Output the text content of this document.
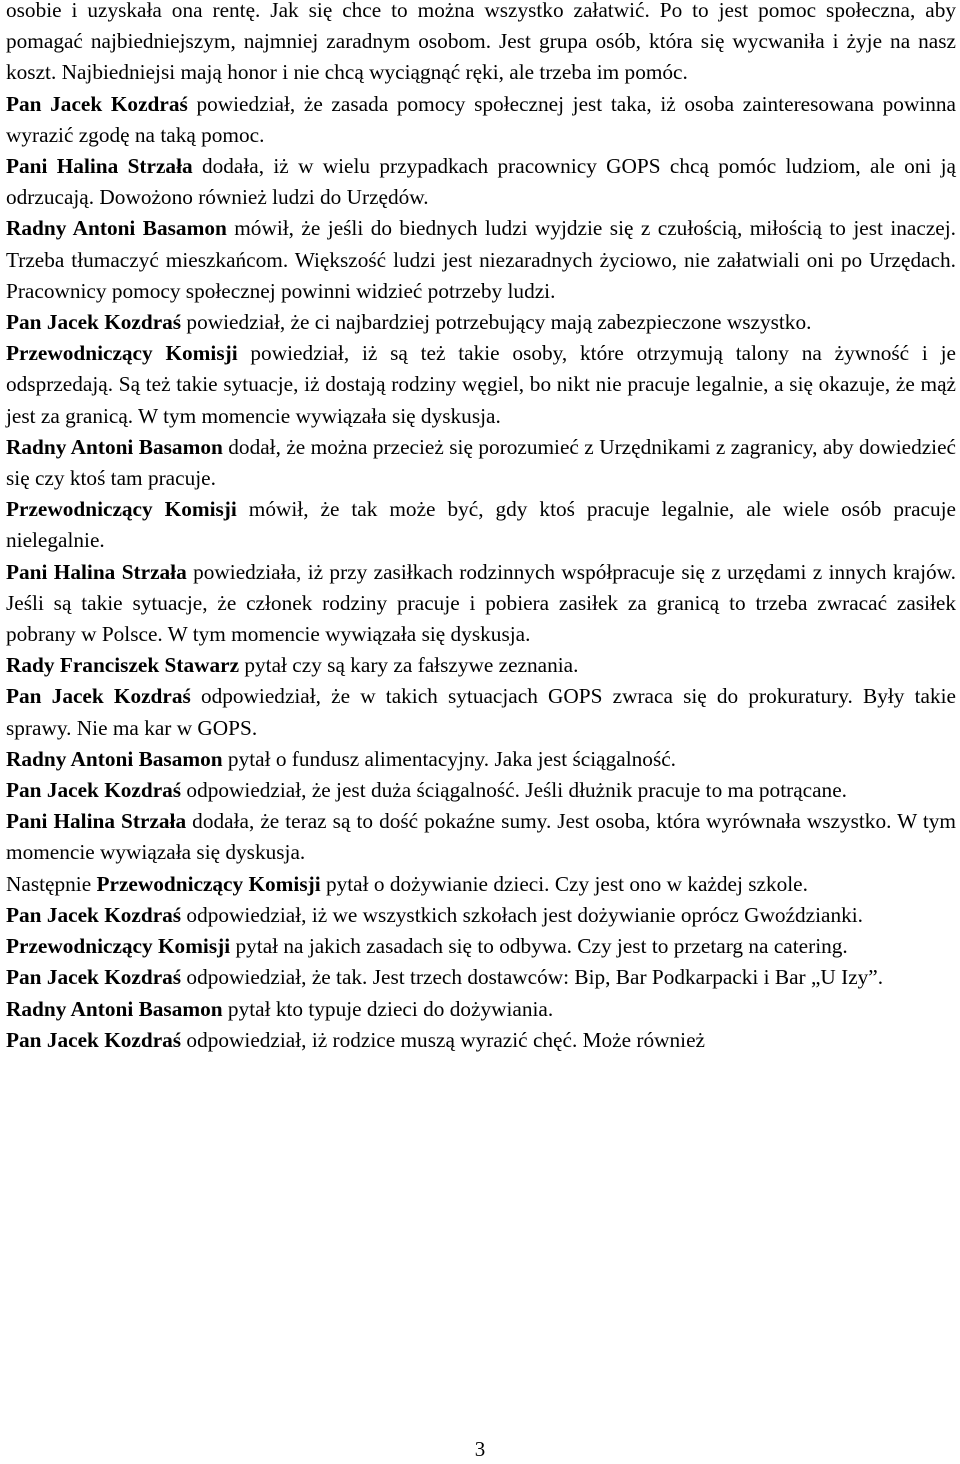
osobie i uzyskała ona rentę. Jak się chce to można wszystko załatwić. Po to jest pomoc społeczna, aby pomagać najbiedniejszym, najmniej zaradnym osobom. Jest grupa osób, która się wycwaniła i żyje na nasz koszt. Najbiedniejsi mają honor i nie chcą wyciągnąć ręki, ale trzeba im pomóc.

Pan Jacek Kozdraś powiedział, że zasada pomocy społecznej jest taka, iż osoba zainteresowana powinna wyrazić zgodę na taką pomoc.

Pani Halina Strzała dodała, iż w wielu przypadkach pracownicy GOPS chcą pomóc ludziom, ale oni ją odrzucają. Dowożono również ludzi do Urzędów.

Radny Antoni Basamon mówił, że jeśli do biednych ludzi wyjdzie się z czułością, miłością to jest inaczej. Trzeba tłumaczyć mieszkańcom. Większość ludzi jest niezaradnych życiowo, nie załatwiali oni po Urzędach. Pracownicy pomocy społecznej powinni widzieć potrzeby ludzi.

Pan Jacek Kozdraś powiedział, że ci najbardziej potrzebujący mają zabezpieczone wszystko.

Przewodniczący Komisji powiedział, iż są też takie osoby, które otrzymują talony na żywność i je odsprzedają. Są też takie sytuacje, iż dostają rodziny węgiel, bo nikt nie pracuje legalnie, a się okazuje, że mąż jest za granicą. W tym momencie wywiązała się dyskusja.

Radny Antoni Basamon dodał, że można przecież się porozumieć z Urzędnikami z zagranicy, aby dowiedzieć się czy ktoś tam pracuje.

Przewodniczący Komisji mówił, że tak może być, gdy ktoś pracuje legalnie, ale wiele osób pracuje nielegalnie.

Pani Halina Strzała powiedziała, iż przy zasiłkach rodzinnych współpracuje się z urzędami z innych krajów. Jeśli są takie sytuacje, że członek rodziny pracuje i pobiera zasiłek za granicą to trzeba zwracać zasiłek pobrany w Polsce. W tym momencie wywiązała się dyskusja.

Rady Franciszek Stawarz pytał czy są kary za fałszywe zeznania.

Pan Jacek Kozdraś odpowiedział, że w takich sytuacjach GOPS zwraca się do prokuratury. Były takie sprawy. Nie ma kar w GOPS.

Radny Antoni Basamon pytał o fundusz alimentacyjny. Jaka jest ściągalność.

Pan Jacek Kozdraś odpowiedział, że jest duża ściągalność. Jeśli dłużnik pracuje to ma potrącane.

Pani Halina Strzała dodała, że teraz są to dość pokaźne sumy. Jest osoba, która wyrównała wszystko. W tym momencie wywiązała się dyskusja.

Następnie Przewodniczący Komisji pytał o dożywianie dzieci. Czy jest ono w każdej szkole.

Pan Jacek Kozdraś odpowiedział, iż we wszystkich szkołach jest dożywianie oprócz Gwoździanki.

Przewodniczący Komisji pytał na jakich zasadach się to odbywa. Czy jest to przetarg na catering.

Pan Jacek Kozdraś odpowiedział, że tak. Jest trzech dostawców: Bip, Bar Podkarpacki i Bar „U Izy”.

Radny Antoni Basamon pytał kto typuje dzieci do dożywiania.

Pan Jacek Kozdraś odpowiedział, iż rodzice muszą wyrazić chęć. Może również

3
